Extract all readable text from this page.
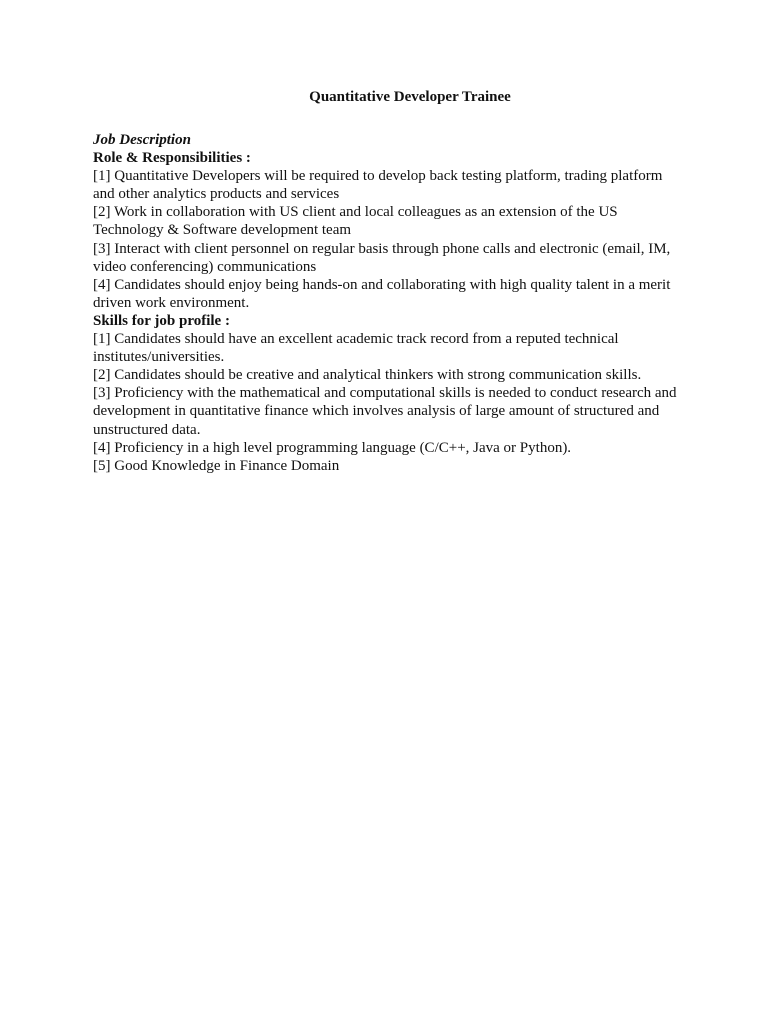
Quantitative Developer Trainee

Job Description

Role & Responsibilities :

[1] Quantitative Developers will be required to develop back testing platform, trading platform and other analytics products and services

[2] Work in collaboration with US client and local colleagues as an extension of the US Technology & Software development team

[3] Interact with client personnel on regular basis through phone calls and electronic (email, IM, video conferencing) communications

[4] Candidates should enjoy being hands-on and collaborating with high quality talent in a merit driven work environment.

Skills for job profile :

[1] Candidates should have an excellent academic track record from a reputed technical institutes/universities.

[2] Candidates should be creative and analytical thinkers with strong communication skills.

[3] Proficiency with the mathematical and computational skills is needed to conduct research and development in quantitative finance which involves analysis of large amount of structured and unstructured data.

[4] Proficiency in a high level programming language (C/C++, Java or Python).

[5] Good Knowledge in Finance Domain
